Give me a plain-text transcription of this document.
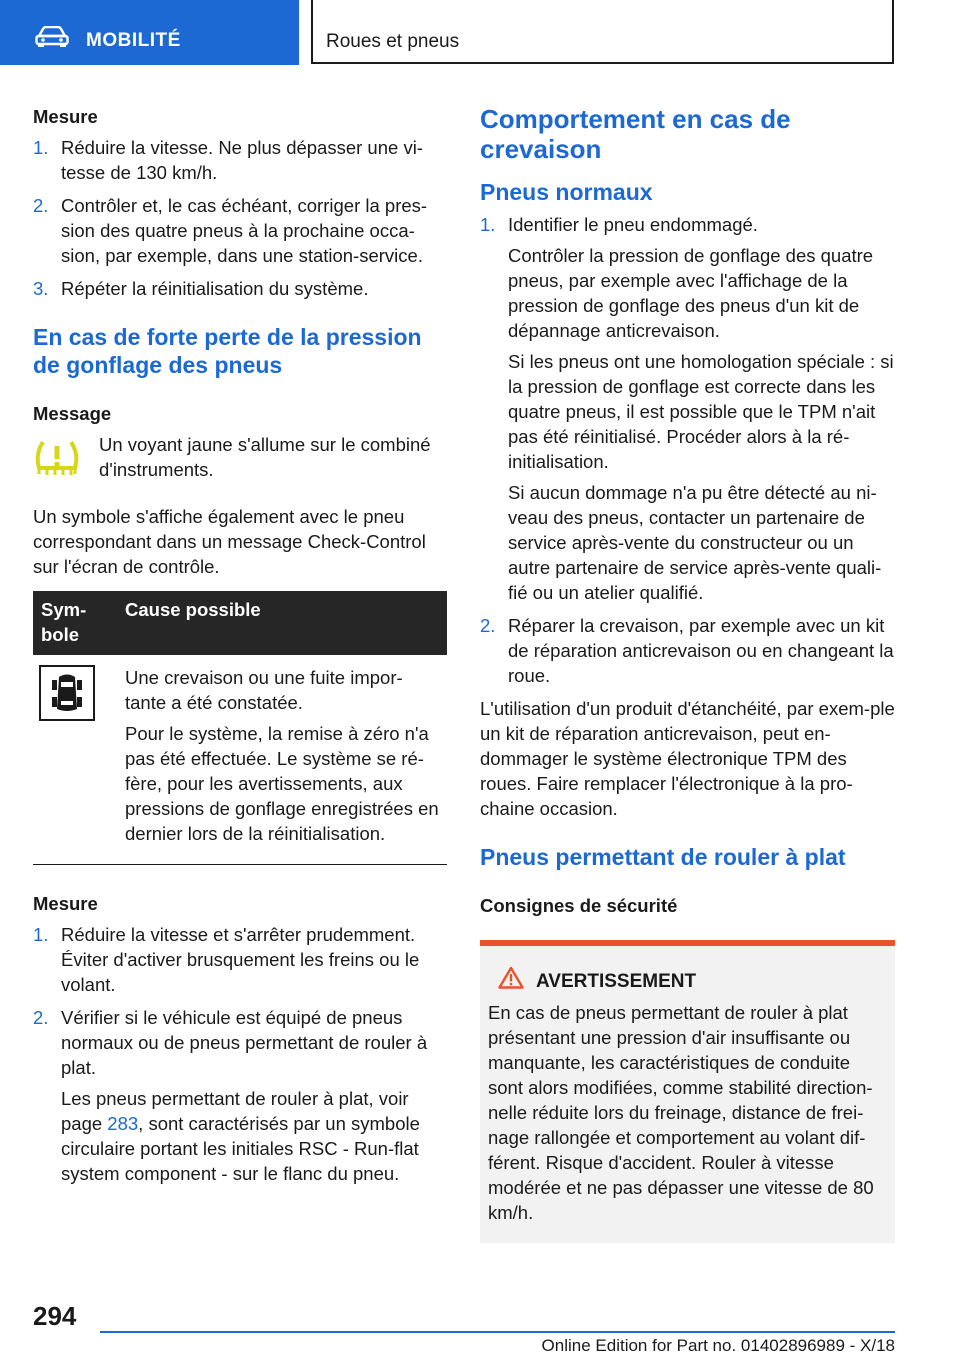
MOBILITÉ	Roues et pneus
Mesure
1. Réduire la vitesse. Ne plus dépasser une vi-tesse de 130 km/h.
2. Contrôler et, le cas échéant, corriger la pres-sion des quatre pneus à la prochaine occa-sion, par exemple, dans une station-service.
3. Répéter la réinitialisation du système.
En cas de forte perte de la pression de gonflage des pneus
Message
Un voyant jaune s'allume sur le combiné d'instruments.

Un symbole s'affiche également avec le pneu correspondant dans un message Check-Control sur l'écran de contrôle.

Sym-bole	Cause possible

Une crevaison ou une fuite impor-tante a été constatée.

Pour le système, la remise à zéro n'a pas été effectuée. Le système se ré-fère, pour les avertissements, aux pressions de gonflage enregistrées en dernier lors de la réinitialisation.

Mesure
1. Réduire la vitesse et s'arrêter prudemment. Éviter d'activer brusquement les freins ou le volant.
2. Vérifier si le véhicule est équipé de pneus normaux ou de pneus permettant de rouler à plat.

Les pneus permettant de rouler à plat, voir page 283, sont caractérisés par un symbole circulaire portant les initiales RSC - Run-flat system component - sur le flanc du pneu.

Comportement en cas de crevaison
Pneus normaux
1. Identifier le pneu endommagé.

Contrôler la pression de gonflage des quatre pneus, par exemple avec l'affichage de la pression de gonflage des pneus d'un kit de dépannage anticrevaison.

Si les pneus ont une homologation spéciale : si la pression de gonflage est correcte dans les quatre pneus, il est possible que le TPM n'ait pas été réinitialisé. Procéder alors à la ré-initialisation.

Si aucun dommage n'a pu être détecté au ni-veau des pneus, contacter un partenaire de service après-vente du constructeur ou un autre partenaire de service après-vente quali-fié ou un atelier qualifié.

2. Réparer la crevaison, par exemple avec un kit de réparation anticrevaison ou en changeant la roue.

L'utilisation d'un produit d'étanchéité, par exem-ple un kit de réparation anticrevaison, peut en-dommager le système électronique TPM des roues. Faire remplacer l'électronique à la pro-chaine occasion.

Pneus permettant de rouler à plat
Consignes de sécurité
AVERTISSEMENT

En cas de pneus permettant de rouler à plat présentant une pression d'air insuffisante ou manquante, les caractéristiques de conduite sont alors modifiées, comme stabilité direction-nelle réduite lors du freinage, distance de frei-nage rallongée et comportement au volant dif-férent. Risque d'accident. Rouler à vitesse modérée et ne pas dépasser une vitesse de 80 km/h.

294
Online Edition for Part no. 01402896989 - X/18
